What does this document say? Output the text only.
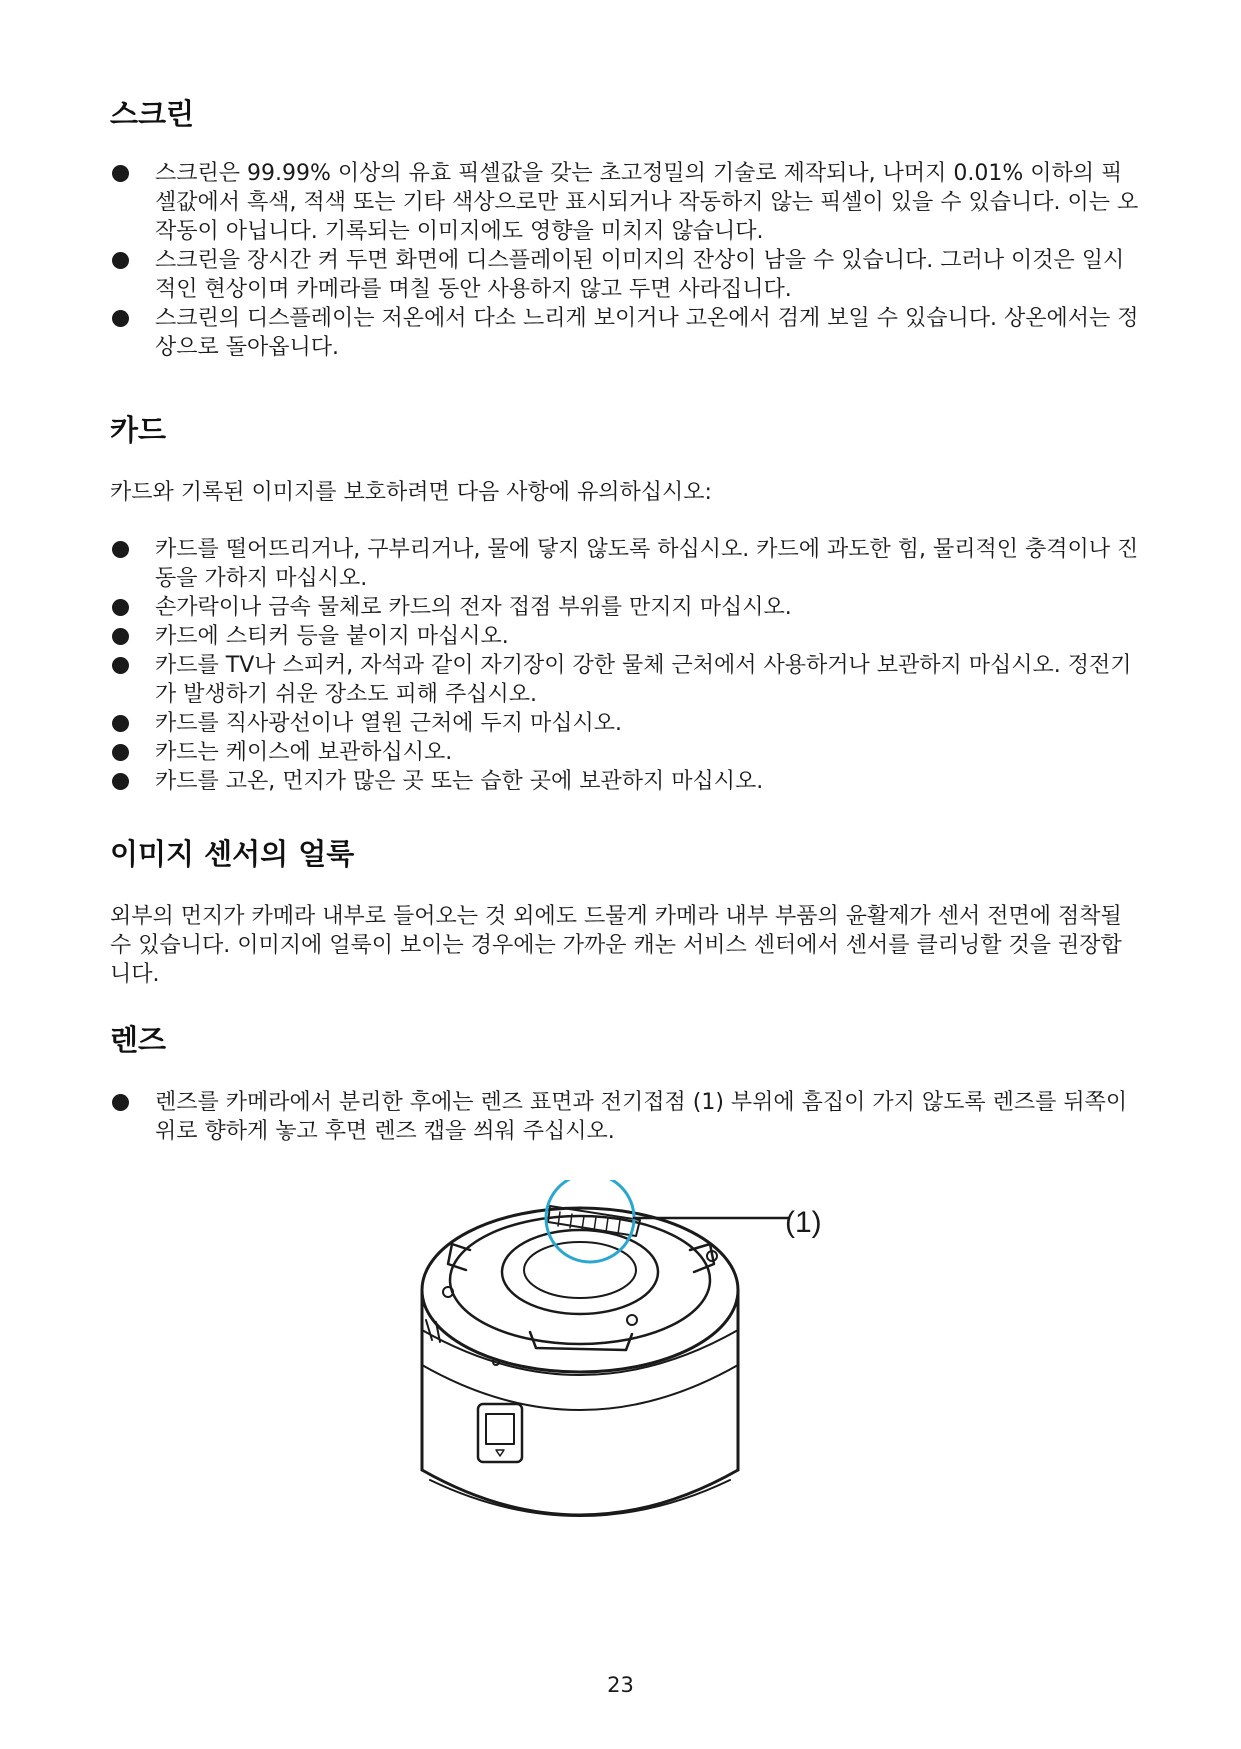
스크린
스크린은 99.99% 이상의 유효 픽셀값을 갖는 초고정밀의 기술로 제작되나, 나머지 0.01% 이하의 픽셀값에서 흑색, 적색 또는 기타 색상으로만 표시되거나 작동하지 않는 픽셀이 있을 수 있습니다. 이는 오작동이 아닙니다. 기록되는 이미지에도 영향을 미치지 않습니다.
스크린을 장시간 켜 두면 화면에 디스플레이된 이미지의 잔상이 남을 수 있습니다. 그러나 이것은 일시적인 현상이며 카메라를 며칠 동안 사용하지 않고 두면 사라집니다.
스크린의 디스플레이는 저온에서 다소 느리게 보이거나 고온에서 검게 보일 수 있습니다. 상온에서는 정상으로 돌아옵니다.
카드

카드와 기록된 이미지를 보호하려면 다음 사항에 유의하십시오:

카드를 떨어뜨리거나, 구부리거나, 물에 닿지 않도록 하십시오. 카드에 과도한 힘, 물리적인 충격이나 진동을 가하지 마십시오.
손가락이나 금속 물체로 카드의 전자 접점 부위를 만지지 마십시오.
카드에 스티커 등을 붙이지 마십시오.
카드를 TV나 스피커, 자석과 같이 자기장이 강한 물체 근처에서 사용하거나 보관하지 마십시오. 정전기가 발생하기 쉬운 장소도 피해 주십시오.
카드를 직사광선이나 열원 근처에 두지 마십시오.
카드는 케이스에 보관하십시오.
카드를 고온, 먼지가 많은 곳 또는 습한 곳에 보관하지 마십시오.
이미지 센서의 얼룩

외부의 먼지가 카메라 내부로 들어오는 것 외에도 드물게 카메라 내부 부품의 윤활제가 센서 전면에 점착될 수 있습니다. 이미지에 얼룩이 보이는 경우에는 가까운 캐논 서비스 센터에서 센서를 클리닝할 것을 권장합니다.

렌즈
렌즈를 카메라에서 분리한 후에는 렌즈 표면과 전기접점 (1) 부위에 흠집이 가지 않도록 렌즈를 뒤쪽이 위로 향하게 놓고 후면 렌즈 캡을 씌워 주십시오.
(1)
23
